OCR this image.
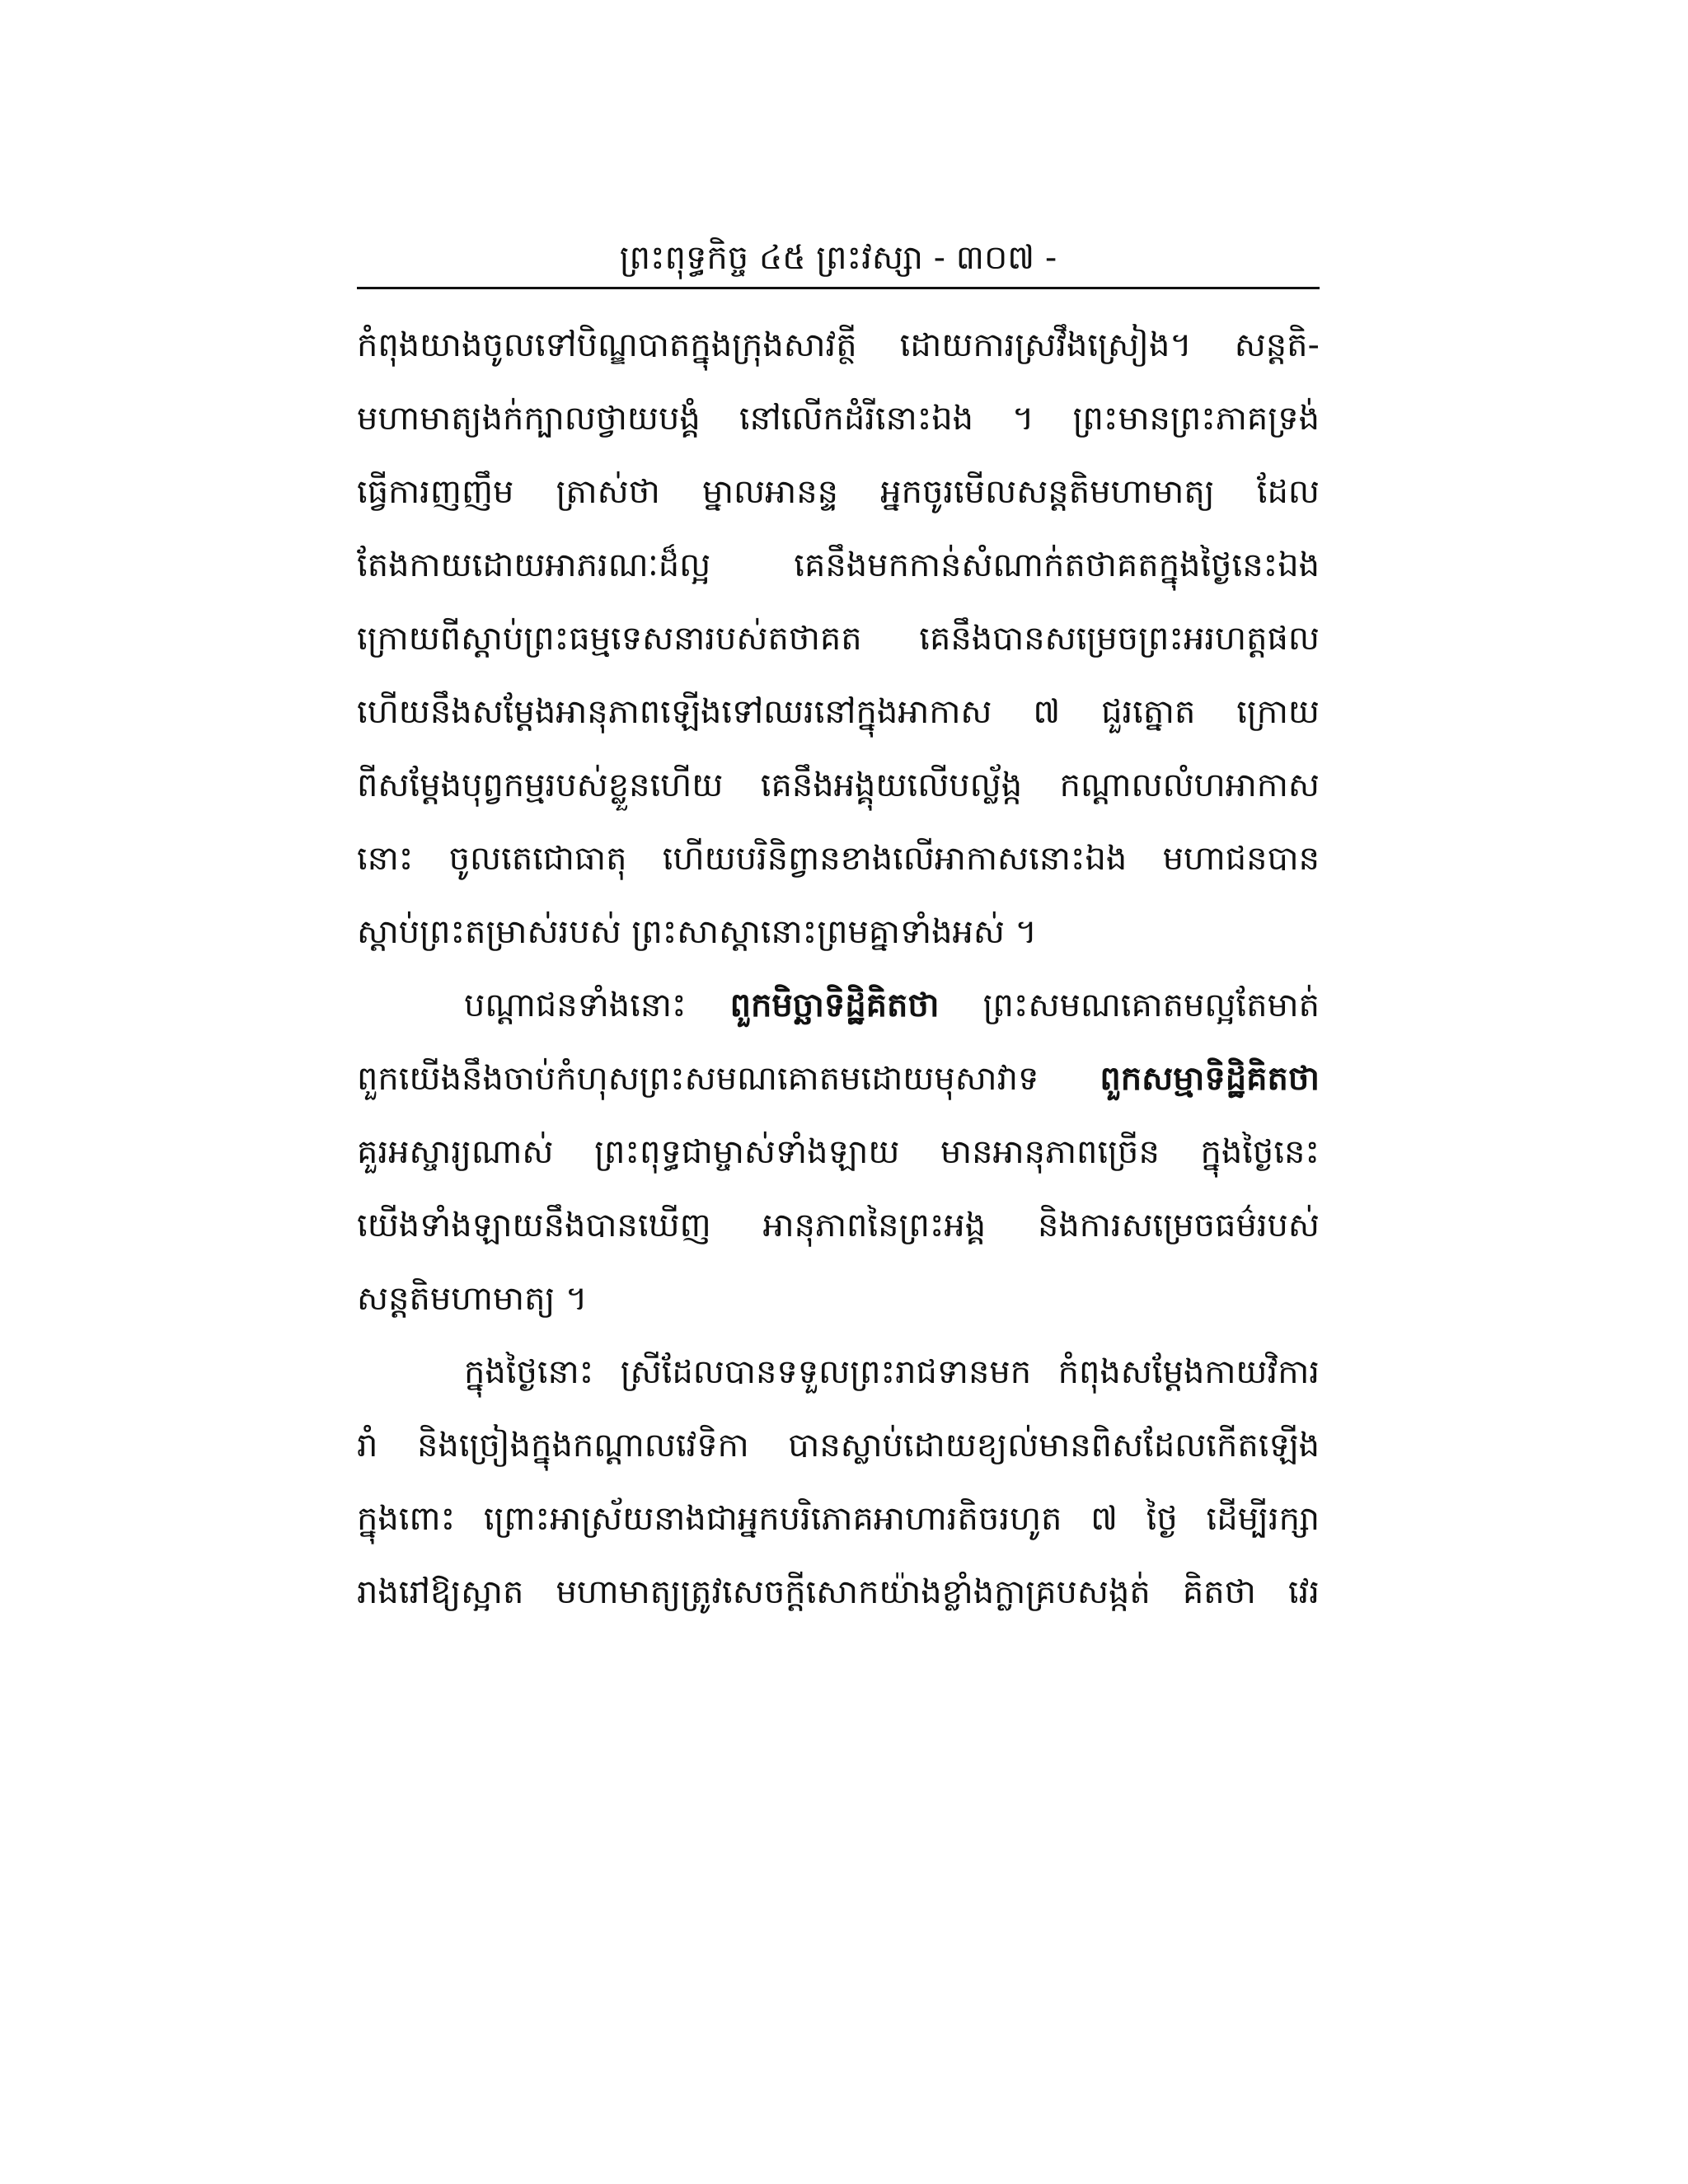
ព្រះពុទ្ធកិច្ច ៤៥ ព្រះវស្សា - ៣០៧ -
កំពុងយាងចូលទៅបិណ្ឌបាតក្នុងក្រុងសាវត្ថី ដោយការស្រវឹងស្រៀង។ សន្តតិ-
មហាមាត្យងក់ក្បាលថ្វាយបង្គំ នៅលើកដំរីនោះឯង ។ ព្រះមានព្រះភាគទ្រង់
ធ្វើការញញឹម ត្រាស់ថា ម្នាលអានន្ទ អ្នកចូរមើលសន្តតិមហាមាត្យ ដែល
តែងកាយដោយអាភរណៈដ៏ល្អ គេនឹងមកកាន់សំណាក់តថាគតក្នុងថ្ងៃនេះឯង
ក្រោយពីស្តាប់ព្រះធម្មទេសនារបស់តថាគត គេនឹងបានសម្រេចព្រះអរហត្តផល
ហើយនឹងសម្តែងអានុភាពឡើងទៅឈរនៅក្នុងអាកាស ៧ ជួរត្នោត ក្រោយ
ពីសម្តែងបុព្វកម្មរបស់ខ្លួនហើយ គេនឹងអង្គុយលើបល្ល័ង្ក កណ្តាលលំហអាកាស
នោះ ចូលតេជោធាតុ ហើយបរិនិព្វានខាងលើអាកាសនោះឯង មហាជនបាន
ស្តាប់ព្រះតម្រាស់របស់ ព្រះសាស្តានោះព្រមគ្នាទាំងអស់ ។
បណ្តាជនទាំងនោះ ពួកមិច្ឆាទិដ្ឋិគិតថា ព្រះសមណគោតមល្អតែមាត់
ពួកយើងនឹងចាប់កំហុសព្រះសមណគោតមដោយមុសាវាទ ពួកសម្មាទិដ្ឋិគិតថា
គួរអស្ចារ្យណាស់ ព្រះពុទ្ធជាម្ចាស់ទាំងឡាយ មានអានុភាពច្រើន ក្នុងថ្ងៃនេះ
យើងទាំងឡាយនឹងបានឃើញ អានុភាពនៃព្រះអង្គ និងការសម្រេចធម៌របស់
សន្តតិមហាមាត្យ ។
ក្នុងថ្ងៃនោះ ស្រីដែលបានទទួលព្រះរាជទានមក កំពុងសម្តែងកាយវិការ
រាំ និងច្រៀងក្នុងកណ្តាលវេទិកា បានស្លាប់ដោយខ្យល់មានពិសដែលកើតឡើង
ក្នុងពោះ ព្រោះអាស្រ័យនាងជាអ្នកបរិភោគអាហារតិចរហូត ៧ ថ្ងៃ ដើម្បីរក្សា
រាងរៅឱ្យស្អាត មហាមាត្យត្រូវសេចក្តីសោកយ៉ាងខ្លាំងក្លាគ្របសង្កត់ គិតថា វេរ
